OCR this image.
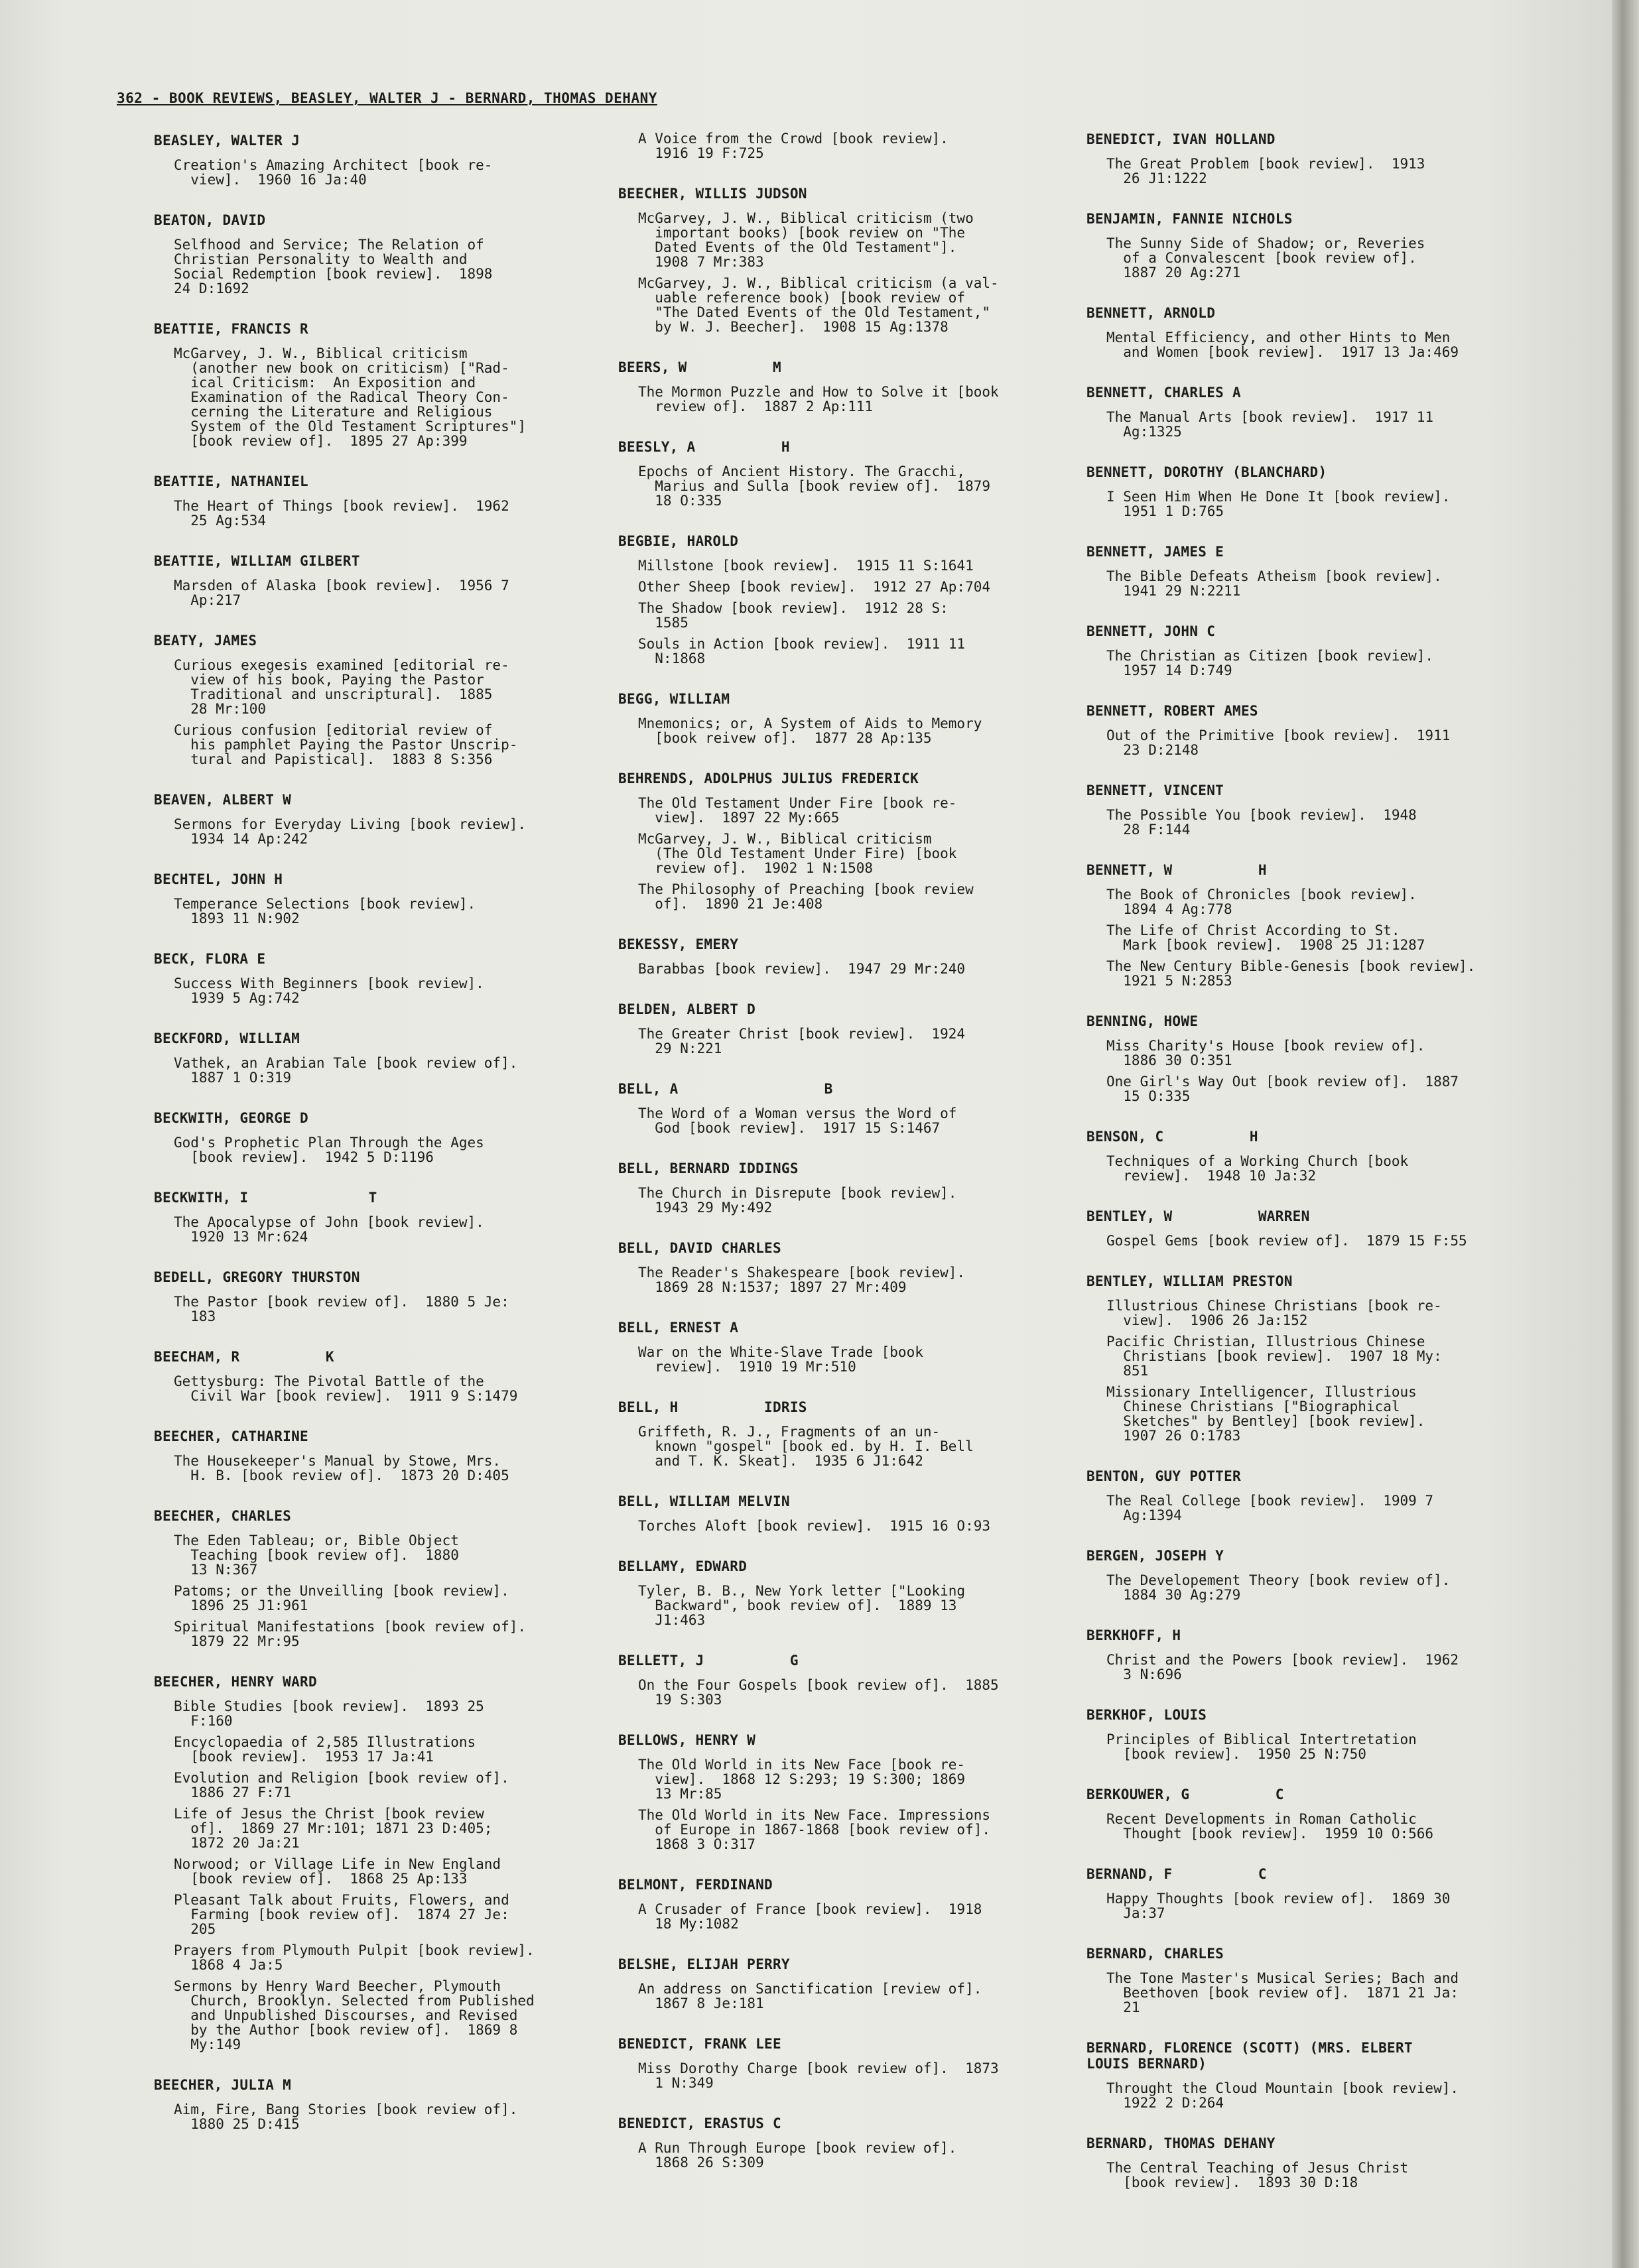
362 - BOOK REVIEWS, BEASLEY, WALTER J - BERNARD, THOMAS DEHANY
BEASLEY, WALTER J
Creation's Amazing Architect [book re-
view].  1960 16 Ja:40
BEATON, DAVID
Selfhood and Service; The Relation of
Christian Personality to Wealth and
Social Redemption [book review].  1898
24 D:1692
BEATTIE, FRANCIS R
McGarvey, J. W., Biblical criticism
(another new book on criticism) ["Rad-
ical Criticism:  An Exposition and
Examination of the Radical Theory Con-
cerning the Literature and Religious
System of the Old Testament Scriptures"]
[book review of].  1895 27 Ap:399
BEATTIE, NATHANIEL
The Heart of Things [book review].  1962
25 Ag:534
BEATTIE, WILLIAM GILBERT
Marsden of Alaska [book review].  1956 7
Ap:217
BEATY, JAMES
Curious exegesis examined [editorial re-
view of his book, Paying the Pastor
Traditional and unscriptural].  1885
28 Mr:100
Curious confusion [editorial review of
his pamphlet Paying the Pastor Unscrip-
tural and Papistical].  1883 8 S:356
BEAVEN, ALBERT W
Sermons for Everyday Living [book review].
1934 14 Ap:242
BECHTEL, JOHN H
Temperance Selections [book review].
1893 11 N:902
BECK, FLORA E
Success With Beginners [book review].
1939 5 Ag:742
BECKFORD, WILLIAM
Vathek, an Arabian Tale [book review of].
1887 1 O:319
BECKWITH, GEORGE D
God's Prophetic Plan Through the Ages
[book review].  1942 5 D:1196
BECKWITH, I              T
The Apocalypse of John [book review].
1920 13 Mr:624
BEDELL, GREGORY THURSTON
The Pastor [book review of].  1880 5 Je:
183
BEECHAM, R          K
Gettysburg: The Pivotal Battle of the
Civil War [book review].  1911 9 S:1479
BEECHER, CATHARINE
The Housekeeper's Manual by Stowe, Mrs.
H. B. [book review of].  1873 20 D:405
BEECHER, CHARLES
The Eden Tableau; or, Bible Object
Teaching [book review of].  1880
13 N:367
Patoms; or the Unveilling [book review].
1896 25 J1:961
Spiritual Manifestations [book review of].
1879 22 Mr:95
BEECHER, HENRY WARD
Bible Studies [book review].  1893 25
F:160
Encyclopaedia of 2,585 Illustrations
[book review].  1953 17 Ja:41
Evolution and Religion [book review of].
1886 27 F:71
Life of Jesus the Christ [book review
of].  1869 27 Mr:101; 1871 23 D:405;
1872 20 Ja:21
Norwood; or Village Life in New England
[book review of].  1868 25 Ap:133
Pleasant Talk about Fruits, Flowers, and
Farming [book review of].  1874 27 Je:
205
Prayers from Plymouth Pulpit [book review].
1868 4 Ja:5
Sermons by Henry Ward Beecher, Plymouth
Church, Brooklyn. Selected from Published
and Unpublished Discourses, and Revised
by the Author [book review of].  1869 8
My:149
BEECHER, JULIA M
Aim, Fire, Bang Stories [book review of].
1880 25 D:415
A Voice from the Crowd [book review].
1916 19 F:725
BEECHER, WILLIS JUDSON
McGarvey, J. W., Biblical criticism (two
important books) [book review on "The
Dated Events of the Old Testament"].
1908 7 Mr:383
McGarvey, J. W., Biblical criticism (a val-
uable reference book) [book review of
"The Dated Events of the Old Testament,"
by W. J. Beecher].  1908 15 Ag:1378
BEERS, W          M
The Mormon Puzzle and How to Solve it [book
review of].  1887 2 Ap:111
BEESLY, A          H
Epochs of Ancient History. The Gracchi,
Marius and Sulla [book review of].  1879
18 O:335
BEGBIE, HAROLD
Millstone [book review].  1915 11 S:1641
Other Sheep [book review].  1912 27 Ap:704
The Shadow [book review].  1912 28 S:
1585
Souls in Action [book review].  1911 11
N:1868
BEGG, WILLIAM
Mnemonics; or, A System of Aids to Memory
[book reivew of].  1877 28 Ap:135
BEHRENDS, ADOLPHUS JULIUS FREDERICK
The Old Testament Under Fire [book re-
view].  1897 22 My:665
McGarvey, J. W., Biblical criticism
(The Old Testament Under Fire) [book
review of].  1902 1 N:1508
The Philosophy of Preaching [book review
of].  1890 21 Je:408
BEKESSY, EMERY
Barabbas [book review].  1947 29 Mr:240
BELDEN, ALBERT D
The Greater Christ [book review].  1924
29 N:221
BELL, A                 B
The Word of a Woman versus the Word of
God [book review].  1917 15 S:1467
BELL, BERNARD IDDINGS
The Church in Disrepute [book review].
1943 29 My:492
BELL, DAVID CHARLES
The Reader's Shakespeare [book review].
1869 28 N:1537; 1897 27 Mr:409
BELL, ERNEST A
War on the White-Slave Trade [book
review].  1910 19 Mr:510
BELL, H          IDRIS
Griffeth, R. J., Fragments of an un-
known "gospel" [book ed. by H. I. Bell
and T. K. Skeat].  1935 6 J1:642
BELL, WILLIAM MELVIN
Torches Aloft [book review].  1915 16 O:93
BELLAMY, EDWARD
Tyler, B. B., New York letter ["Looking
Backward", book review of].  1889 13
J1:463
BELLETT, J          G
On the Four Gospels [book review of].  1885
19 S:303
BELLOWS, HENRY W
The Old World in its New Face [book re-
view].  1868 12 S:293; 19 S:300; 1869
13 Mr:85
The Old World in its New Face. Impressions
of Europe in 1867-1868 [book review of].
1868 3 O:317
BELMONT, FERDINAND
A Crusader of France [book review].  1918
18 My:1082
BELSHE, ELIJAH PERRY
An address on Sanctification [review of].
1867 8 Je:181
BENEDICT, FRANK LEE
Miss Dorothy Charge [book review of].  1873
1 N:349
BENEDICT, ERASTUS C
A Run Through Europe [book review of].
1868 26 S:309
BENEDICT, IVAN HOLLAND
The Great Problem [book review].  1913
26 J1:1222
BENJAMIN, FANNIE NICHOLS
The Sunny Side of Shadow; or, Reveries
of a Convalescent [book review of].
1887 20 Ag:271
BENNETT, ARNOLD
Mental Efficiency, and other Hints to Men
and Women [book review].  1917 13 Ja:469
BENNETT, CHARLES A
The Manual Arts [book review].  1917 11
Ag:1325
BENNETT, DOROTHY (BLANCHARD)
I Seen Him When He Done It [book review].
1951 1 D:765
BENNETT, JAMES E
The Bible Defeats Atheism [book review].
1941 29 N:2211
BENNETT, JOHN C
The Christian as Citizen [book review].
1957 14 D:749
BENNETT, ROBERT AMES
Out of the Primitive [book review].  1911
23 D:2148
BENNETT, VINCENT
The Possible You [book review].  1948
28 F:144
BENNETT, W          H
The Book of Chronicles [book review].
1894 4 Ag:778
The Life of Christ According to St.
Mark [book review].  1908 25 J1:1287
The New Century Bible-Genesis [book review].
1921 5 N:2853
BENNING, HOWE
Miss Charity's House [book review of].
1886 30 O:351
One Girl's Way Out [book review of].  1887
15 O:335
BENSON, C          H
Techniques of a Working Church [book
review].  1948 10 Ja:32
BENTLEY, W          WARREN
Gospel Gems [book review of].  1879 15 F:55
BENTLEY, WILLIAM PRESTON
Illustrious Chinese Christians [book re-
view].  1906 26 Ja:152
Pacific Christian, Illustrious Chinese
Christians [book review].  1907 18 My:
851
Missionary Intelligencer, Illustrious
Chinese Christians ["Biographical
Sketches" by Bentley] [book review].
1907 26 O:1783
BENTON, GUY POTTER
The Real College [book review].  1909 7
Ag:1394
BERGEN, JOSEPH Y
The Developement Theory [book review of].
1884 30 Ag:279
BERKHOFF, H
Christ and the Powers [book review].  1962
3 N:696
BERKHOF, LOUIS
Principles of Biblical Intertretation
[book review].  1950 25 N:750
BERKOUWER, G          C
Recent Developments in Roman Catholic
Thought [book review].  1959 10 O:566
BERNAND, F          C
Happy Thoughts [book review of].  1869 30
Ja:37
BERNARD, CHARLES
The Tone Master's Musical Series; Bach and
Beethoven [book review of].  1871 21 Ja:
21
BERNARD, FLORENCE (SCOTT) (MRS. ELBERT
LOUIS BERNARD)
Throught the Cloud Mountain [book review].
1922 2 D:264
BERNARD, THOMAS DEHANY
The Central Teaching of Jesus Christ
[book review].  1893 30 D:18
